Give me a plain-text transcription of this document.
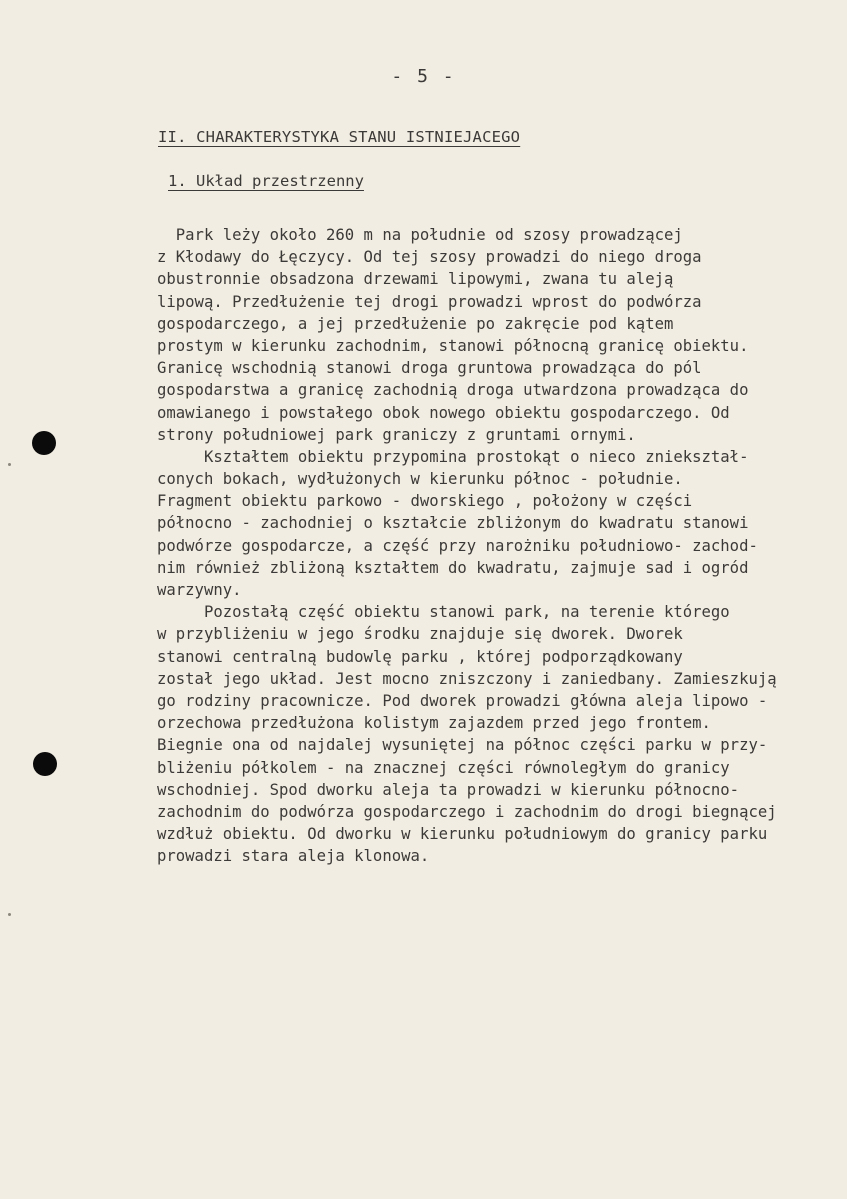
- 5 -
II. CHARAKTERYSTYKA STANU ISTNIEJACEGO
1. Układ przestrzenny
Park leży około 260 m na południe od szosy prowadzącej
z Kłodawy do Łęczycy. Od tej szosy prowadzi do niego droga
obustronnie obsadzona drzewami lipowymi, zwana tu aleją
lipową. Przedłużenie tej drogi prowadzi wprost do podwórza
gospodarczego, a jej przedłużenie po zakręcie pod kątem
prostym w kierunku zachodnim, stanowi północną granicę obiektu.
Granicę wschodnią stanowi droga gruntowa prowadząca do pól
gospodarstwa a granicę zachodnią droga utwardzona prowadząca do
omawianego i powstałego obok nowego obiektu gospodarczego. Od
strony południowej park graniczy z gruntami ornymi.
Kształtem obiektu przypomina prostokąt o nieco zniekształ-
conych bokach, wydłużonych w kierunku północ - południe.
Fragment obiektu parkowo - dworskiego , położony w części
północno - zachodniej o kształcie zbliżonym do kwadratu stanowi
podwórze gospodarcze, a część przy narożniku południowo- zachod-
nim również zbliżoną kształtem do kwadratu, zajmuje sad i ogród
warzywny.
Pozostałą część obiektu stanowi park, na terenie którego
w przybliżeniu w jego środku znajduje się dworek. Dworek
stanowi centralną budowlę parku , której podporządkowany
został jego układ. Jest mocno zniszczony i zaniedbany. Zamieszkują
go rodziny pracownicze. Pod dworek prowadzi główna aleja lipowo -
orzechowa przedłużona kolistym zajazdem przed jego frontem.
Biegnie ona od najdalej wysuniętej na północ części parku w przy-
bliżeniu półkolem - na znacznej części równoległym do granicy
wschodniej. Spod dworku aleja ta prowadzi w kierunku północno-
zachodnim do podwórza gospodarczego i zachodnim do drogi biegnącej
wzdłuż obiektu. Od dworku w kierunku południowym do granicy parku
prowadzi stara aleja klonowa.
